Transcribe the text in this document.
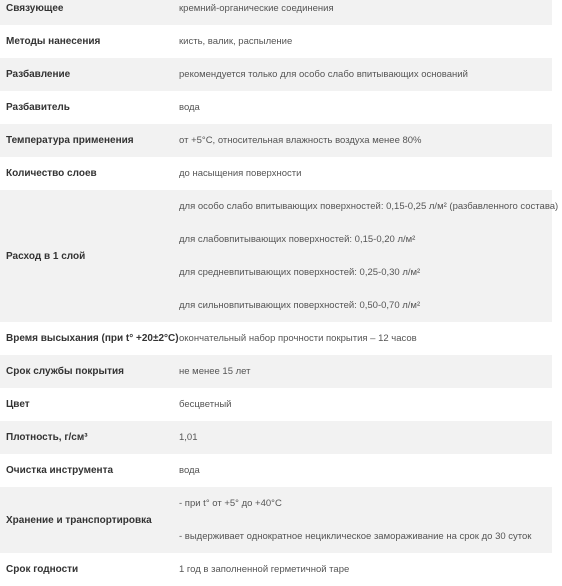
Связующее	кремний-органические соединения

Методы нанесения	кисть, валик, распыление

Разбавление	рекомендуется только для особо слабо впитывающих оснований

Разбавитель	вода

Температура применения	от +5°С, относительная влажность воздуха менее 80%

Количество слоев	до насыщения поверхности

Расход в 1 слой	для особо слабо впитывающих поверхностей: 0,15-0,25 л/м² (разбавленного состава)
для слабовпитывающих поверхностей: 0,15-0,20 л/м²
для средневпитывающих поверхностей: 0,25-0,30 л/м²
для сильновпитывающих поверхностей: 0,50-0,70 л/м²

Время высыхания (при t° +20±2°С)	окончательный набор прочности покрытия – 12 часов

Срок службы покрытия	не менее 15 лет

Цвет	бесцветный

Плотность, г/см³	1,01

Очистка инструмента	вода

Хранение и транспортировка	- при t° от +5° до +40°С
- выдерживает однократное нециклическое замораживание на срок до 30 суток

Срок годности	1 год в заполненной герметичной таре
